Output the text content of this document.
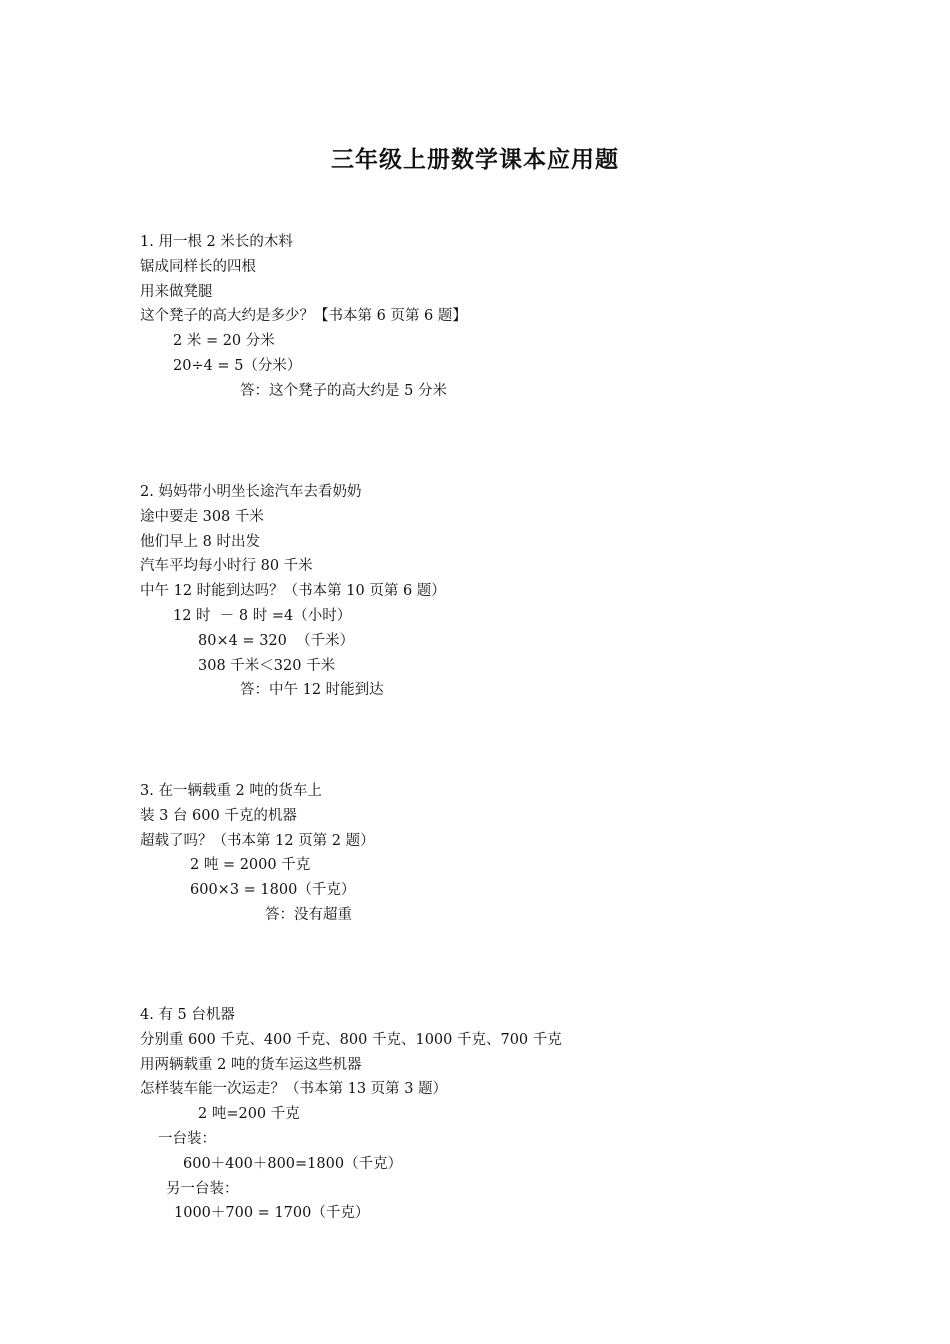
三年级上册数学课本应用题
1. 用一根 2 米长的木料
锯成同样长的四根
用来做凳腿
这个凳子的高大约是多少？【书本第 6 页第 6 题】
2 米 = 20 分米
20÷4 = 5（分米）
答：这个凳子的高大约是 5 分米
2. 妈妈带小明坐长途汽车去看奶奶
途中要走 308 千米
他们早上 8 时出发
汽车平均每小时行 80 千米
中午 12 时能到达吗？（书本第 10 页第 6 题）
12 时  － 8 时 =4（小时）
80×4 = 320  （千米）
308 千米＜320 千米
答：中午 12 时能到达
3. 在一辆载重 2 吨的货车上
装 3 台 600 千克的机器
超载了吗？（书本第 12 页第 2 题）
2 吨 = 2000 千克
600×3 = 1800（千克）
答：没有超重
4. 有 5 台机器
分别重 600 千克、400 千克、800 千克、1000 千克、700 千克
用两辆载重 2 吨的货车运这些机器
怎样装车能一次运走？（书本第 13 页第 3 题）
2 吨=200 千克
一台装：
600＋400＋800=1800（千克）
另一台装：
1000＋700 = 1700（千克）
